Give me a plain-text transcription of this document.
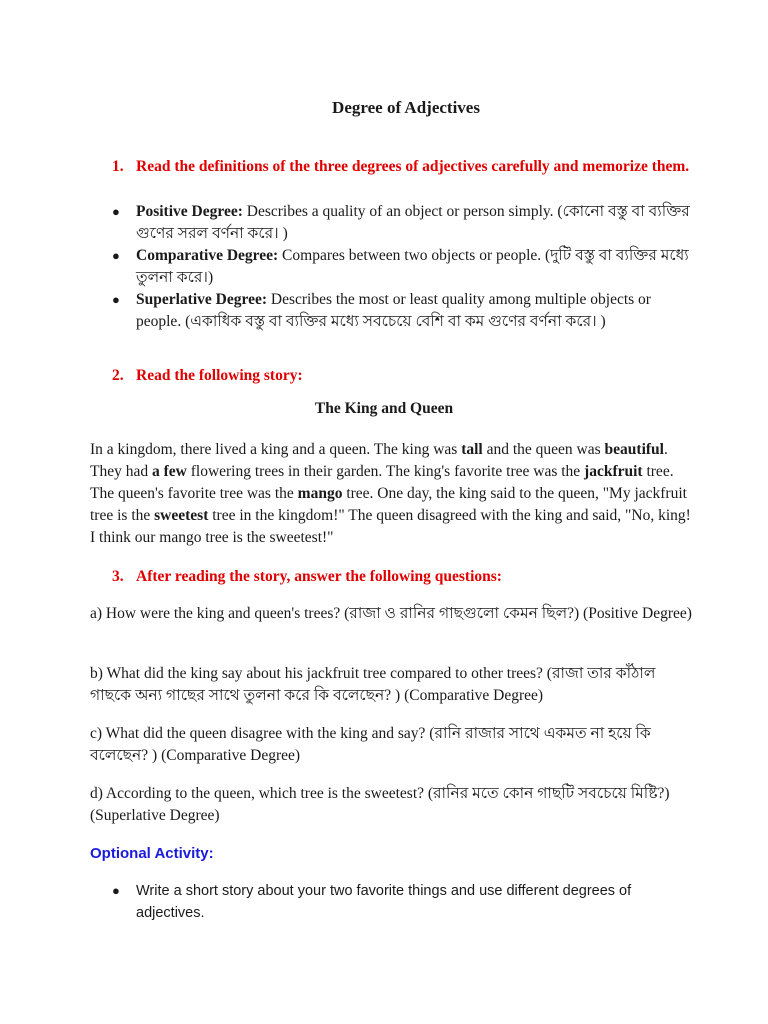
Degree of Adjectives
1. Read the definitions of the three degrees of adjectives carefully and memorize them.
● Positive Degree: Describes a quality of an object or person simply. (কোনো বস্তু বা ব্যক্তির গুণের সরল বর্ণনা করে। )
● Comparative Degree: Compares between two objects or people. (দুটি বস্তু বা ব্যক্তির মধ্যে তুলনা করে।)
● Superlative Degree: Describes the most or least quality among multiple objects or people. (একাধিক বস্তু বা ব্যক্তির মধ্যে সবচেয়ে বেশি বা কম গুণের বর্ণনা করে। )
2. Read the following story:
The King and Queen
In a kingdom, there lived a king and a queen. The king was tall and the queen was beautiful. They had a few flowering trees in their garden. The king's favorite tree was the jackfruit tree. The queen's favorite tree was the mango tree. One day, the king said to the queen, "My jackfruit tree is the sweetest tree in the kingdom!" The queen disagreed with the king and said, "No, king! I think our mango tree is the sweetest!"
3. After reading the story, answer the following questions:
a) How were the king and queen's trees? (রাজা ও রানির গাছগুলো কেমন ছিল?) (Positive Degree)
b) What did the king say about his jackfruit tree compared to other trees? (রাজা তার কাঁঠাল গাছকে অন্য গাছের সাথে তুলনা করে কি বলেছেন? ) (Comparative Degree)
c) What did the queen disagree with the king and say? (রানি রাজার সাথে একমত না হয়ে কি বলেছেন? ) (Comparative Degree)
d) According to the queen, which tree is the sweetest? (রানির মতে কোন গাছটি সবচেয়ে মিষ্টি?) (Superlative Degree)
Optional Activity:
● Write a short story about your two favorite things and use different degrees of adjectives.
